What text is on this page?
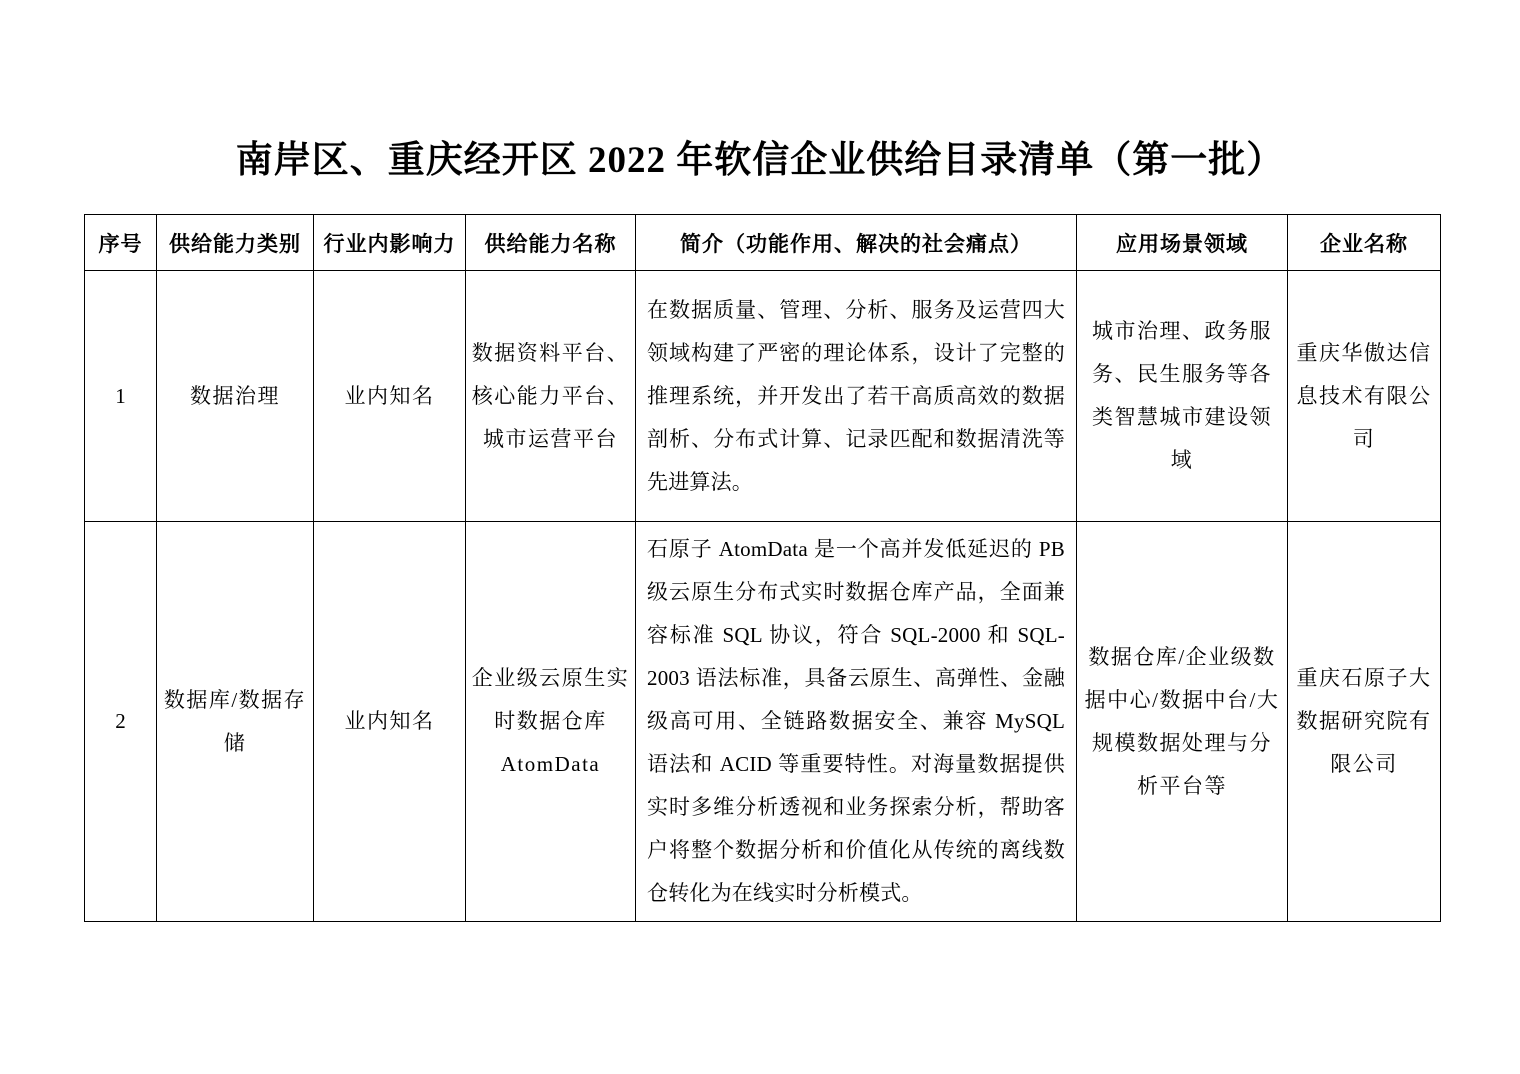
南岸区、重庆经开区 2022 年软信企业供给目录清单（第一批）
序号	供给能力类别	行业内影响力	供给能力名称	简介（功能作用、解决的社会痛点）	应用场景领域	企业名称
1	数据治理	业内知名	数据资料平台、核心能力平台、城市运营平台	在数据质量、管理、分析、服务及运营四大领域构建了严密的理论体系，设计了完整的推理系统，并开发出了若干高质高效的数据剖析、分布式计算、记录匹配和数据清洗等先进算法。	城市治理、政务服务、民生服务等各类智慧城市建设领域	重庆华傲达信息技术有限公司
2	数据库/数据存储	业内知名	企业级云原生实时数据仓库 AtomData	石原子 AtomData 是一个高并发低延迟的 PB 级云原生分布式实时数据仓库产品，全面兼容标准 SQL 协议，符合 SQL-2000 和 SQL-2003 语法标准，具备云原生、高弹性、金融级高可用、全链路数据安全、兼容 MySQL 语法和 ACID 等重要特性。对海量数据提供实时多维分析透视和业务探索分析，帮助客户将整个数据分析和价值化从传统的离线数仓转化为在线实时分析模式。	数据仓库/企业级数据中心/数据中台/大规模数据处理与分析平台等	重庆石原子大数据研究院有限公司
